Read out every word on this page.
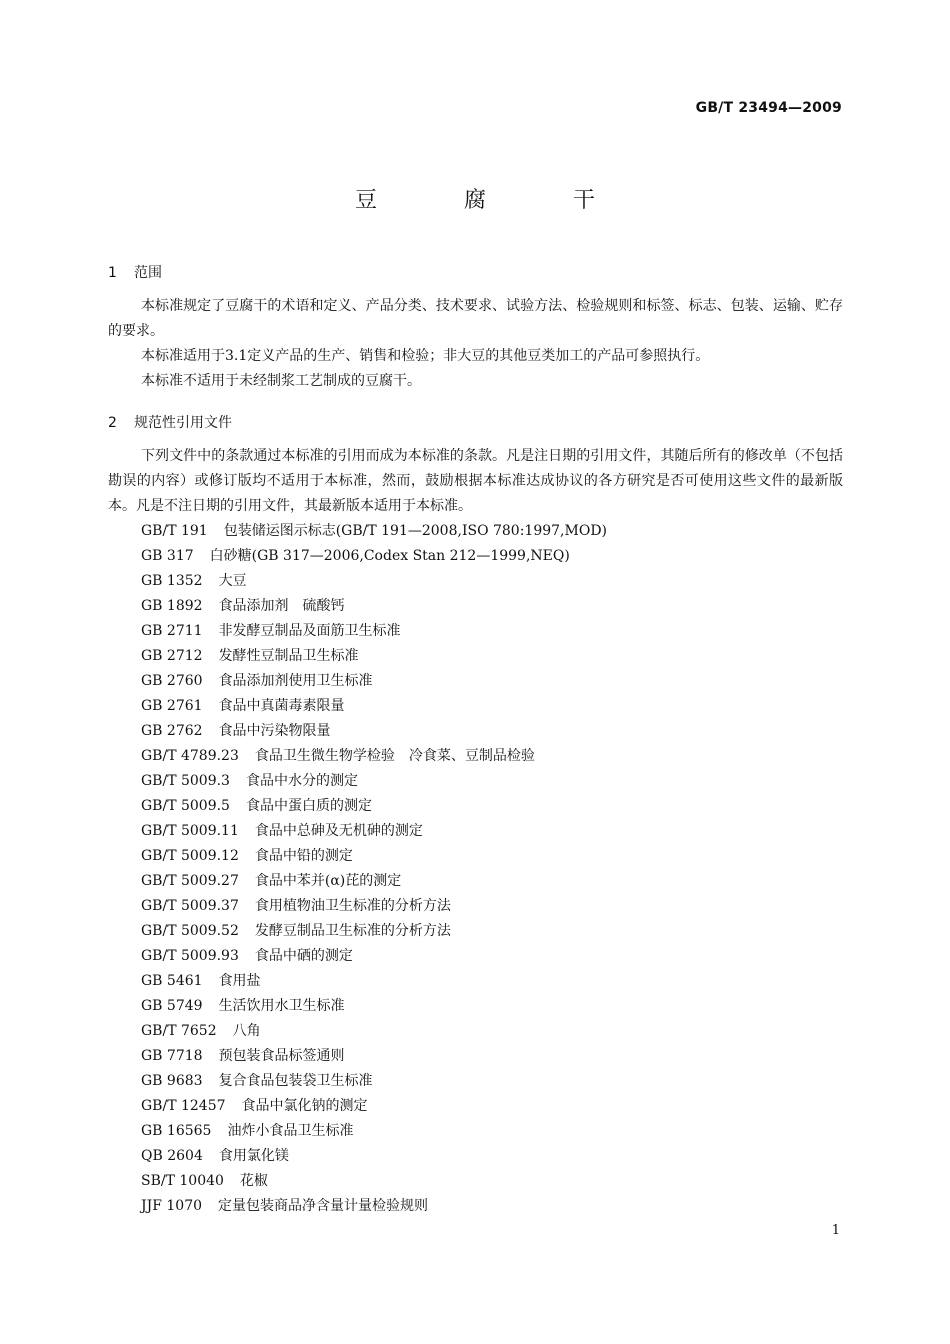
GB/T 23494—2009
豆 腐 干
1 范围

本标准规定了豆腐干的术语和定义、产品分类、技术要求、试验方法、检验规则和标签、标志、包装、运输、贮存的要求。

本标准适用于3.1定义产品的生产、销售和检验；非大豆的其他豆类加工的产品可参照执行。

本标准不适用于未经制浆工艺制成的豆腐干。

2 规范性引用文件

下列文件中的条款通过本标准的引用而成为本标准的条款。凡是注日期的引用文件，其随后所有的修改单（不包括勘误的内容）或修订版均不适用于本标准，然而，鼓励根据本标准达成协议的各方研究是否可使用这些文件的最新版本。凡是不注日期的引用文件，其最新版本适用于本标准。

GB/T 191 包装储运图示标志(GB/T 191—2008,ISO 780:1997,MOD)
GB 317 白砂糖(GB 317—2006,Codex Stan 212—1999,NEQ)
GB 1352 大豆
GB 1892 食品添加剂　硫酸钙
GB 2711 非发酵豆制品及面筋卫生标准
GB 2712 发酵性豆制品卫生标准
GB 2760 食品添加剂使用卫生标准
GB 2761 食品中真菌毒素限量
GB 2762 食品中污染物限量
GB/T 4789.23 食品卫生微生物学检验　冷食菜、豆制品检验
GB/T 5009.3 食品中水分的测定
GB/T 5009.5 食品中蛋白质的测定
GB/T 5009.11 食品中总砷及无机砷的测定
GB/T 5009.12 食品中铅的测定
GB/T 5009.27 食品中苯并(α)芘的测定
GB/T 5009.37 食用植物油卫生标准的分析方法
GB/T 5009.52 发酵豆制品卫生标准的分析方法
GB/T 5009.93 食品中硒的测定
GB 5461 食用盐
GB 5749 生活饮用水卫生标准
GB/T 7652 八角
GB 7718 预包装食品标签通则
GB 9683 复合食品包装袋卫生标准
GB/T 12457 食品中氯化钠的测定
GB 16565 油炸小食品卫生标准
QB 2604 食用氯化镁
SB/T 10040 花椒
JJF 1070 定量包装商品净含量计量检验规则
1
